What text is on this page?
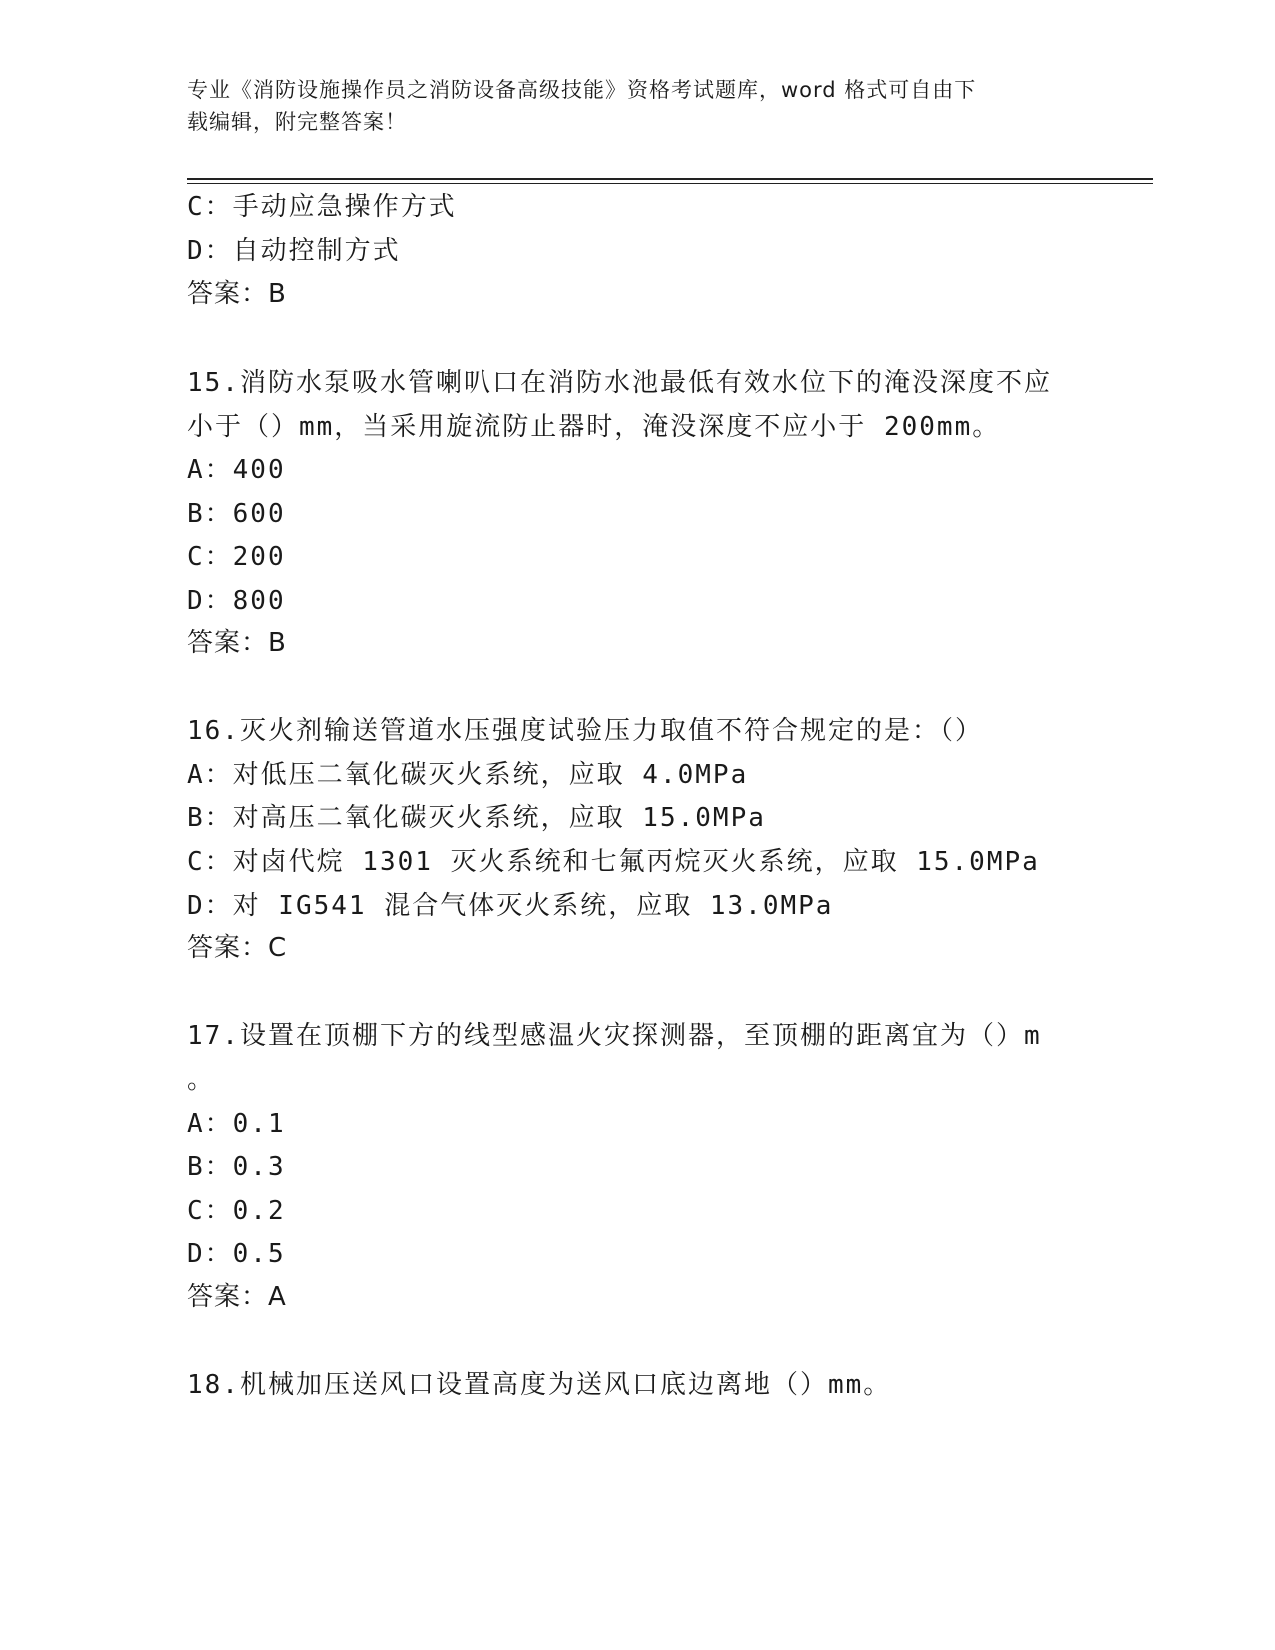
专业《消防设施操作员之消防设备高级技能》资格考试题库，word 格式可自由下
载编辑，附完整答案！
C：手动应急操作方式
D：自动控制方式
答案：B
15.消防水泵吸水管喇叭口在消防水池最低有效水位下的淹没深度不应
小于（）mm，当采用旋流防止器时，淹没深度不应小于 200mm。
A：400
B：600
C：200
D：800
答案：B
16.灭火剂输送管道水压强度试验压力取值不符合规定的是：（）
A：对低压二氧化碳灭火系统，应取 4.0MPa
B：对高压二氧化碳灭火系统，应取 15.0MPa
C：对卤代烷 1301 灭火系统和七氟丙烷灭火系统，应取 15.0MPa
D：对 IG541 混合气体灭火系统，应取 13.0MPa
答案：C
17.设置在顶棚下方的线型感温火灾探测器，至顶棚的距离宜为（）m
。
A：0.1
B：0.3
C：0.2
D：0.5
答案：A
18.机械加压送风口设置高度为送风口底边离地（）mm。
